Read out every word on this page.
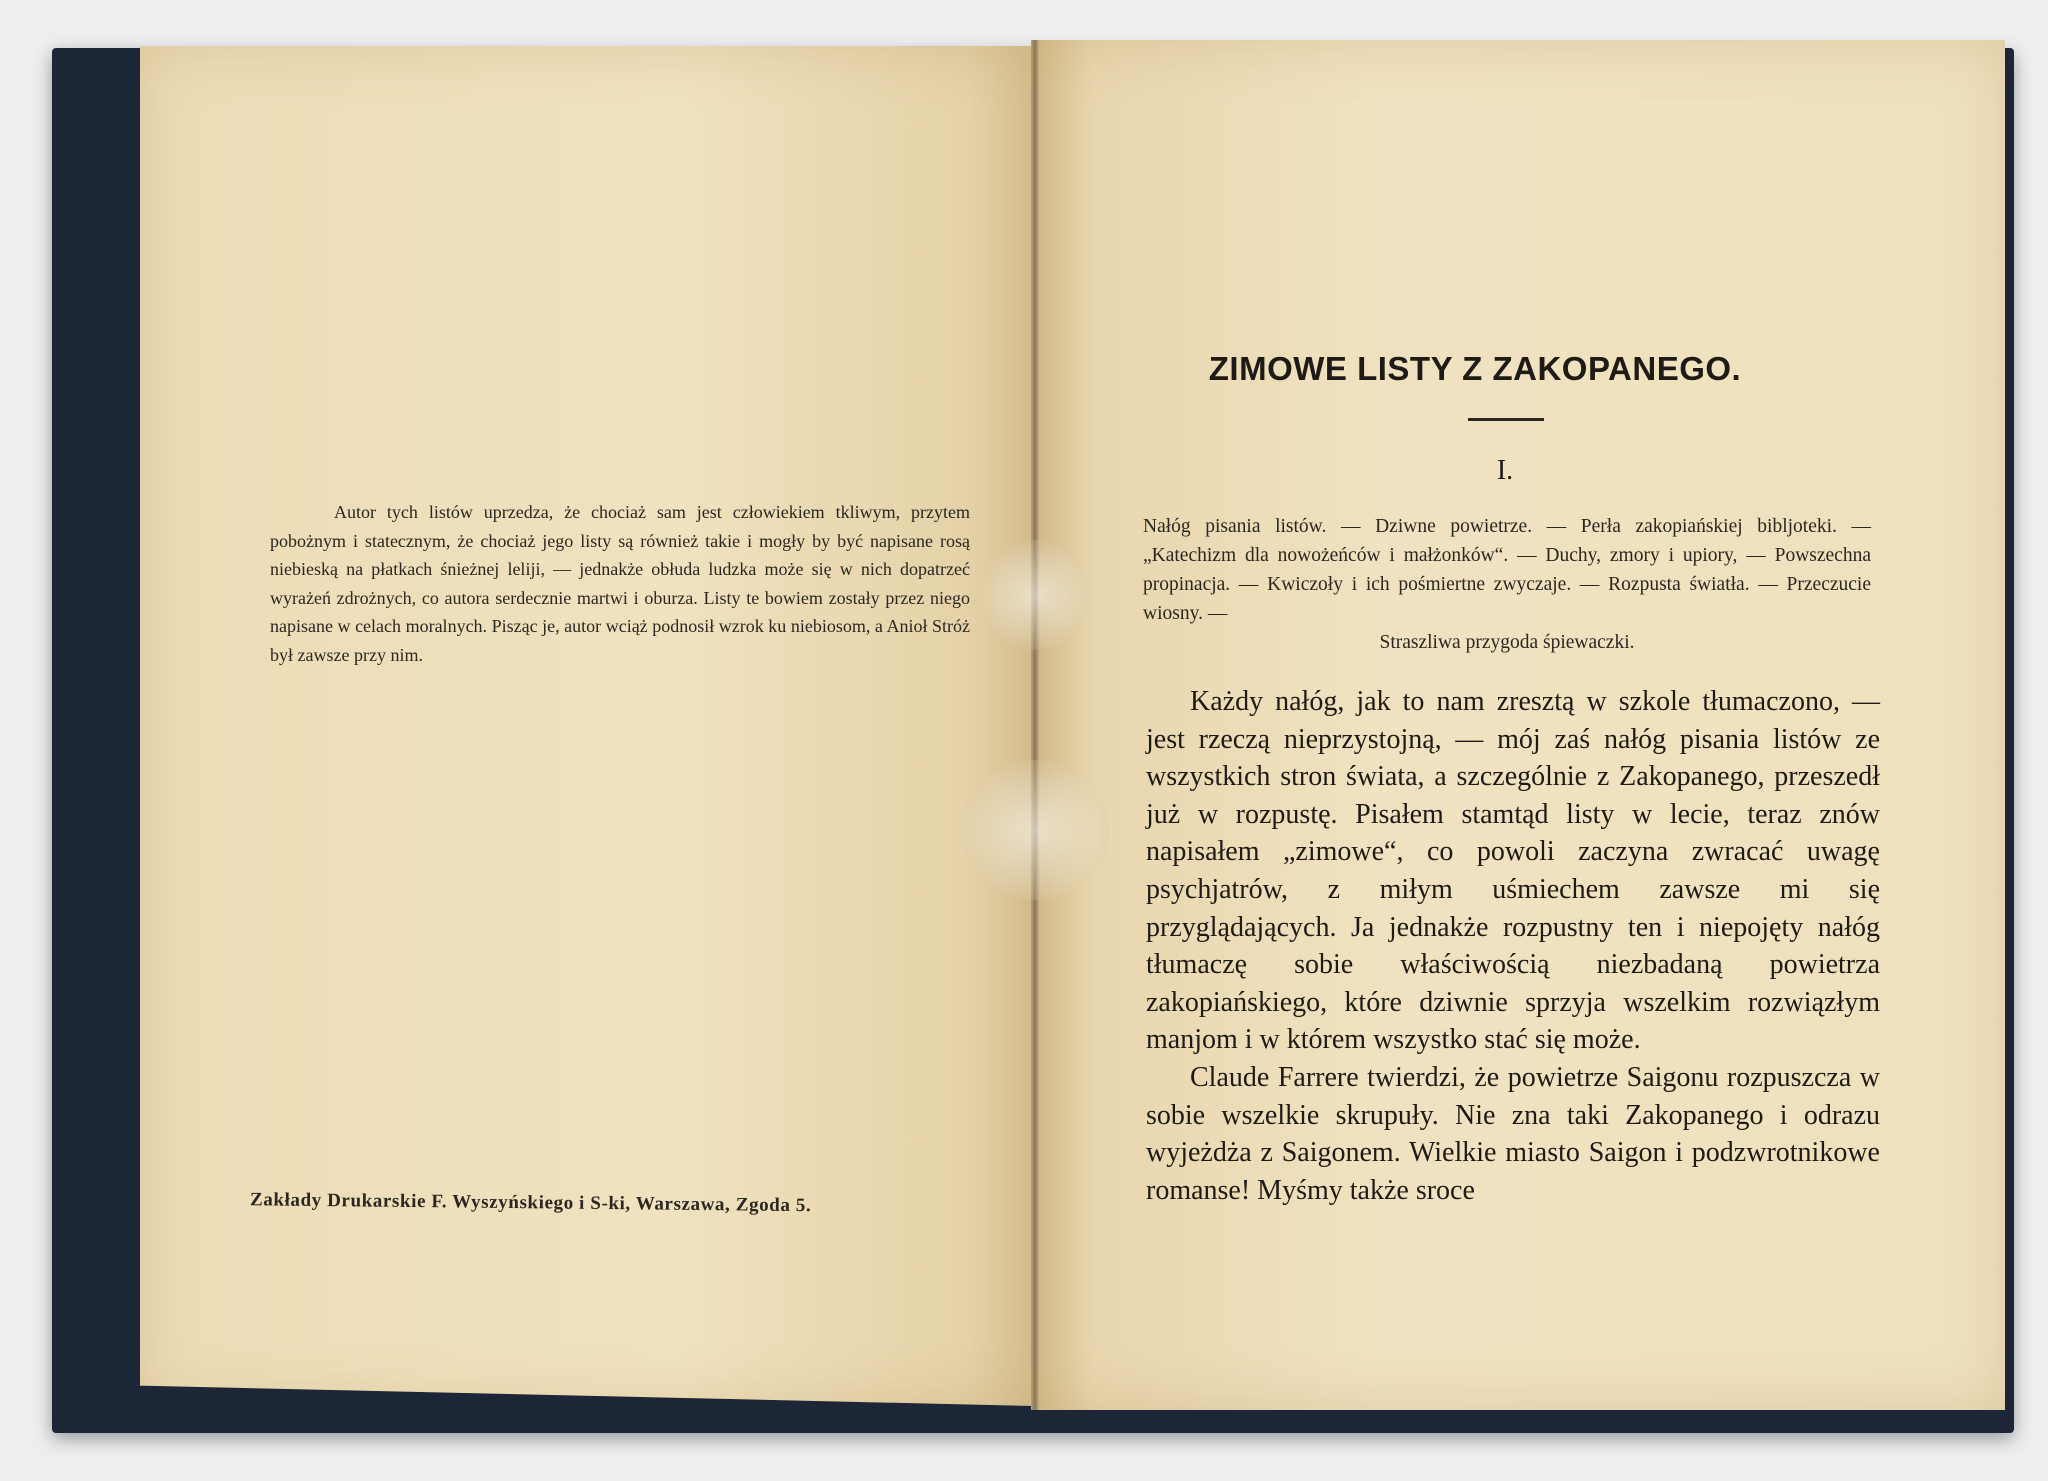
Autor tych listów uprzedza, że chociaż sam jest człowiekiem tkliwym, przytem pobożnym i statecznym, że chociaż jego listy są również takie i mogły by być napisane rosą niebieską na płatkach śnieżnej leliji, — jednakże obłuda ludzka może się w nich dopatrzeć wyrażeń zdrożnych, co autora serdecznie martwi i oburza. Listy te bowiem zostały przez niego napisane w celach moralnych. Pisząc je, autor wciąż podnosił wzrok ku niebiosom, a Anioł Stróż był zawsze przy nim.

Zakłady Drukarskie F. Wyszyńskiego i S-ki, Warszawa, Zgoda 5.
ZIMOWE LISTY Z ZAKOPANEGO.
I.
Nałóg pisania listów. — Dziwne powietrze. — Perła zakopiańskiej bibljoteki. — „Katechizm dla nowożeńców i małżonków“. — Duchy, zmory i upiory, — Powszechna propinacja. — Kwiczoły i ich pośmiertne zwyczaje. — Rozpusta światła. — Przeczucie wiosny. —
Straszliwa przygoda śpiewaczki.

Każdy nałóg, jak to nam zresztą w szkole tłumaczono, — jest rzeczą nieprzystojną, — mój zaś nałóg pisania listów ze wszystkich stron świata, a szczególnie z Zakopanego, przeszedł już w rozpustę. Pisałem stamtąd listy w lecie, teraz znów napisałem „zimowe“, co powoli zaczyna zwracać uwagę psychjatrów, z miłym uśmiechem zawsze mi się przyglądających. Ja jednakże rozpustny ten i niepojęty nałóg tłumaczę sobie właściwością niezbadaną powietrza zakopiańskiego, które dziwnie sprzyja wszelkim rozwiązłym manjom i w którem wszystko stać się może.

Claude Farrere twierdzi, że powietrze Saigonu rozpuszcza w sobie wszelkie skrupuły. Nie zna taki Zakopanego i odrazu wyjeżdża z Saigonem. Wielkie miasto Saigon i podzwrotnikowe romanse! Myśmy także sroce
